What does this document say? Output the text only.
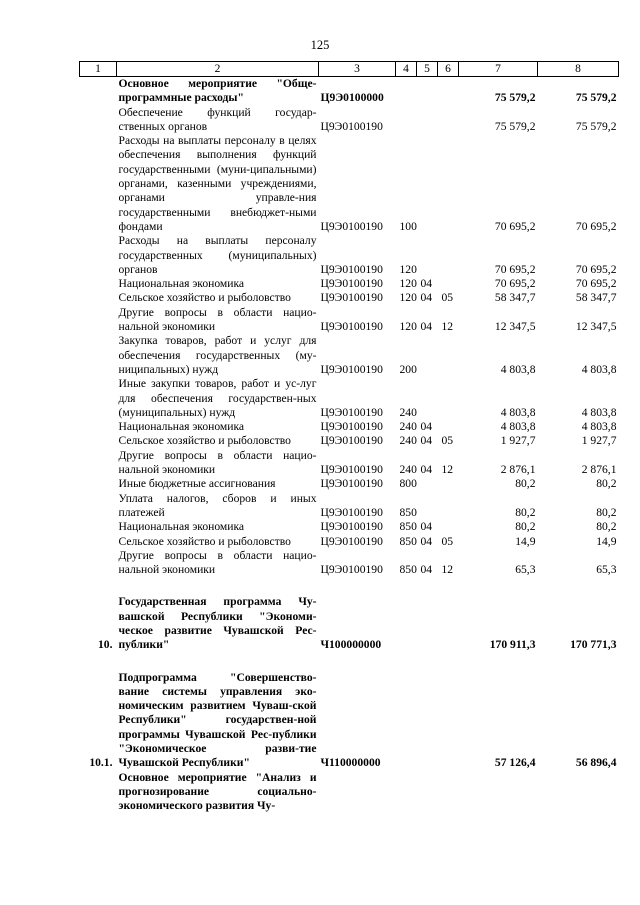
125
1	2	3	4	5	6	7	8
	Основное мероприятие "Обще-программные расходы"	Ц9Э0100000				75 579,2	75 579,2
	Обеспечение функций государ-ственных органов	Ц9Э0100190				75 579,2	75 579,2
	Расходы на выплаты персоналу в целях обеспечения выполнения функций государственными (муни-ципальными) органами, казенными учреждениями, органами управле-ния государственными внебюджет-ными фондами	Ц9Э0100190	100			70 695,2	70 695,2
	Расходы на выплаты персоналу государственных (муниципальных) органов	Ц9Э0100190	120			70 695,2	70 695,2
	Национальная экономика	Ц9Э0100190	120	04		70 695,2	70 695,2
	Сельское хозяйство и рыболовство	Ц9Э0100190	120	04	05	58 347,7	58 347,7
	Другие вопросы в области нацио-нальной экономики	Ц9Э0100190	120	04	12	12 347,5	12 347,5
	Закупка товаров, работ и услуг для обеспечения государственных (му-ниципальных) нужд	Ц9Э0100190	200			4 803,8	4 803,8
	Иные закупки товаров, работ и ус-луг для обеспечения государствен-ных (муниципальных) нужд	Ц9Э0100190	240			4 803,8	4 803,8
	Национальная экономика	Ц9Э0100190	240	04		4 803,8	4 803,8
	Сельское хозяйство и рыболовство	Ц9Э0100190	240	04	05	1 927,7	1 927,7
	Другие вопросы в области нацио-нальной экономики	Ц9Э0100190	240	04	12	2 876,1	2 876,1
	Иные бюджетные ассигнования	Ц9Э0100190	800			80,2	80,2
	Уплата налогов, сборов и иных платежей	Ц9Э0100190	850			80,2	80,2
	Национальная экономика	Ц9Э0100190	850	04		80,2	80,2
	Сельское хозяйство и рыболовство	Ц9Э0100190	850	04	05	14,9	14,9
	Другие вопросы в области нацио-нальной экономики	Ц9Э0100190	850	04	12	65,3	65,3

10.	Государственная программа Чу-вашской Республики "Экономи-ческое развитие Чувашской Рес-публики"	Ч100000000				170 911,3	170 771,3

10.1.	Подпрограмма "Совершенство-вание системы управления эко-номическим развитием Чуваш-ской Республики" государствен-ной программы Чувашской Рес-публики "Экономическое разви-тие Чувашской Республики"	Ч110000000				57 126,4	56 896,4
	Основное мероприятие "Анализ и прогнозирование социально-экономического развития Чу-						
